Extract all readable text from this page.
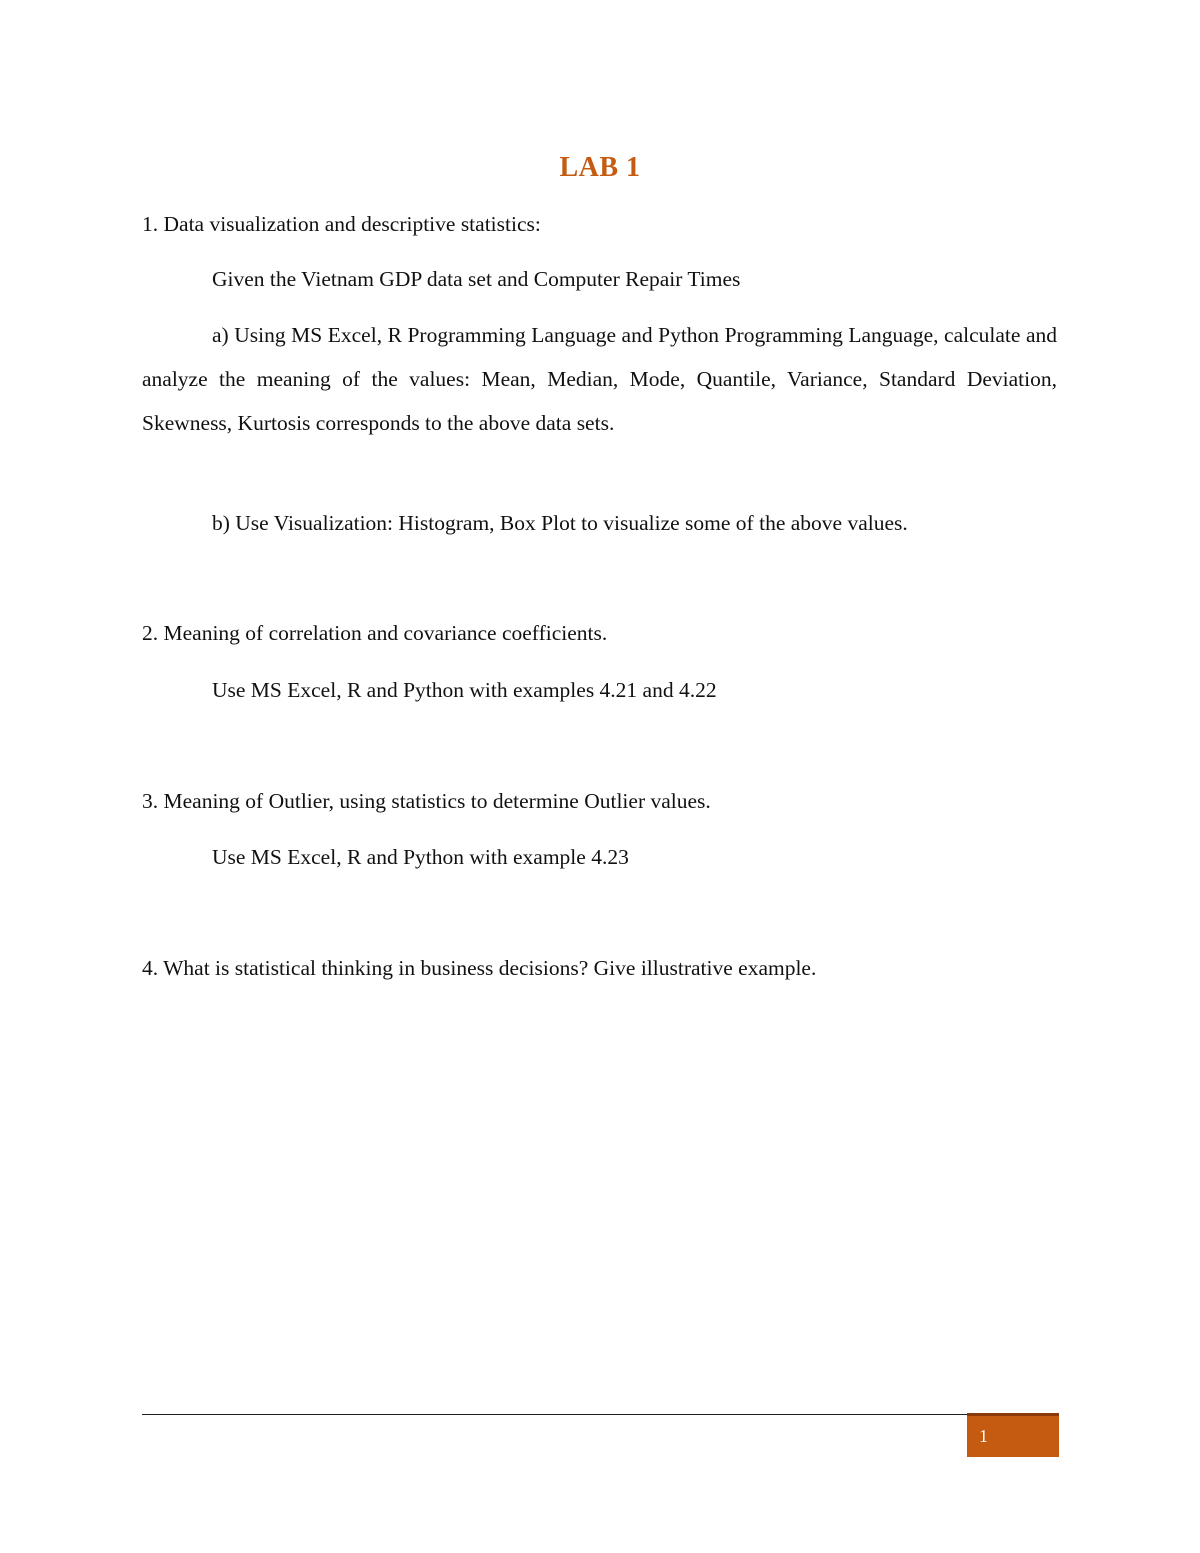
LAB 1
1. Data visualization and descriptive statistics:
Given the Vietnam GDP data set and Computer Repair Times
a) Using MS Excel, R Programming Language and Python Programming Language, calculate and analyze the meaning of the values: Mean, Median, Mode, Quantile, Variance, Standard Deviation, Skewness, Kurtosis corresponds to the above data sets.
b) Use Visualization: Histogram, Box Plot to visualize some of the above values.
2. Meaning of correlation and covariance coefficients.
Use MS Excel, R and Python with examples 4.21 and 4.22
3. Meaning of Outlier, using statistics to determine Outlier values.
Use MS Excel, R and Python with example 4.23
4. What is statistical thinking in business decisions? Give illustrative example.
1
